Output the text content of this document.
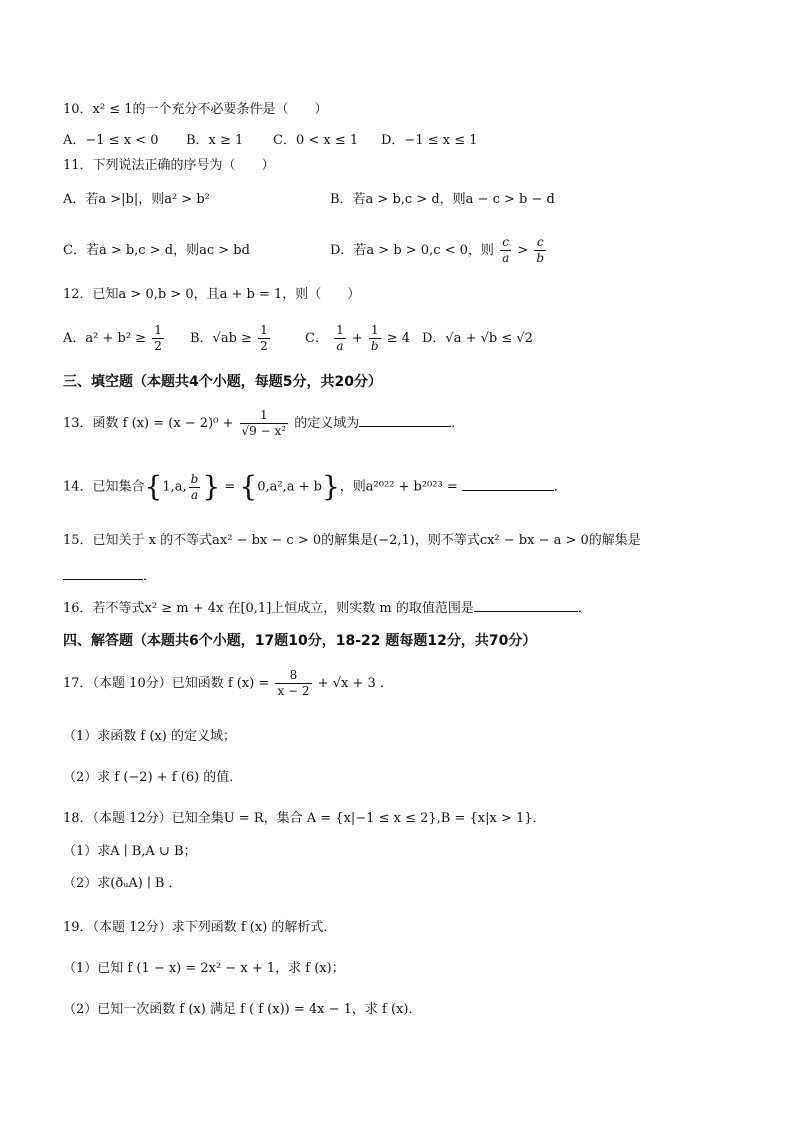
10．x² ≤ 1的一个充分不必要条件是（　　）
A．−1 ≤ x < 0 B．x ≥ 1 C．0 < x ≤ 1 D．−1 ≤ x ≤ 1
11．下列说法正确的序号为（　　）
A．若a >|b|，则a² > b²	B．若a > b,c > d，则a − c > b − d
C．若a > b,c > d，则ac > bd	D．若a > b > 0,c < 0，则 $\frac{c}{a} > \frac{c}{b}$
12．已知a > 0,b > 0，且a + b = 1，则（　　）
A．$a^2 + b^2 \ge \frac{1}{2}$ B．$√ab \ge \frac{1}{2}$	C． $\frac{1}{a} + \frac{1}{b} \ge 4$ D．√a + √b ≤ √2
三、填空题（本题共4个小题，每题5分，共20分）
13．函数 f $(x) = (x - 2)^0 + \frac{1}{\text{√9 − x²}}$ 的定义域为	．
14．已知集合{1,a, $\frac{b}{a}$ } = {0,a²,a + b}，则a²⁰²² + b²⁰²³ =	．
15．已知关于 x 的不等式ax² − bx − c > 0的解集是(−2,1)，则不等式cx² − bx − a > 0的解集是
．
16．若不等式x² ≥ m + 4x 在[0,1]上恒成立，则实数 m 的取值范围是	．
四、解答题（本题共6个小题，17题10分，18-22 题每题12分，共70分）
17．（本题 10分）已知函数 f $(x) = \frac{8}{x - 2} + √x + 3$ ．
（1）求函数 f (x) 的定义域；
（2）求 f (−2) + f (6) 的值．
18．（本题 12分）已知全集U = R，集合 A = {x|−1 ≤ x ≤ 2},B = {x|x > 1}．
（1）求A ∣ B,A ∪ B；
（2）求(ðᵤA) ∣ B ．
19．（本题 12分）求下列函数 f (x) 的解析式．
（1）已知 f (1 − x) = 2x² − x + 1，求 f (x)；
（2）已知一次函数 f (x) 满足 f ( f (x)) = 4x − 1，求 f (x)．
